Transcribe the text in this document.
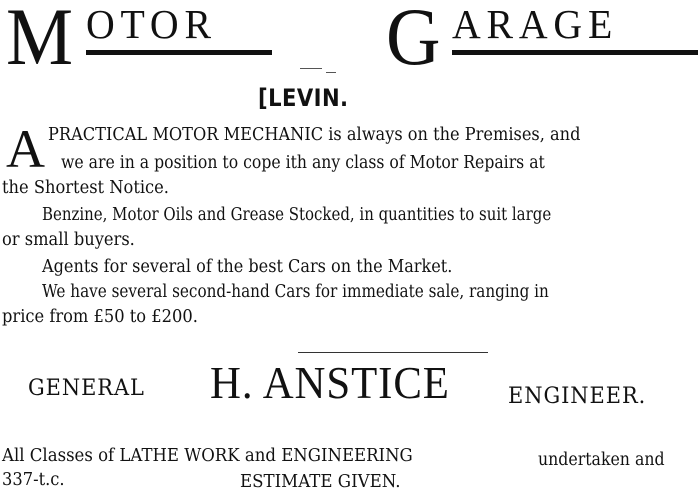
M OTOR G ARAGE
[LEVIN.
A PRACTICAL MOTOR MECHANIC is always on the Premises, and
we are in a position to cope ith any class of Motor Repairs at
the Shortest Notice.
Benzine, Motor Oils and Grease Stocked, in quantities to suit large
or small buyers.
Agents for several of the best Cars on the Market.
We have several second-hand Cars for immediate sale, ranging in
price from £50 to £200.
GENERAL H. ANSTICE	ENGINEER.
All Classes of LATHE WORK and ENGINEERING	undertaken and
337-t.c.	ESTIMATE GIVEN.
